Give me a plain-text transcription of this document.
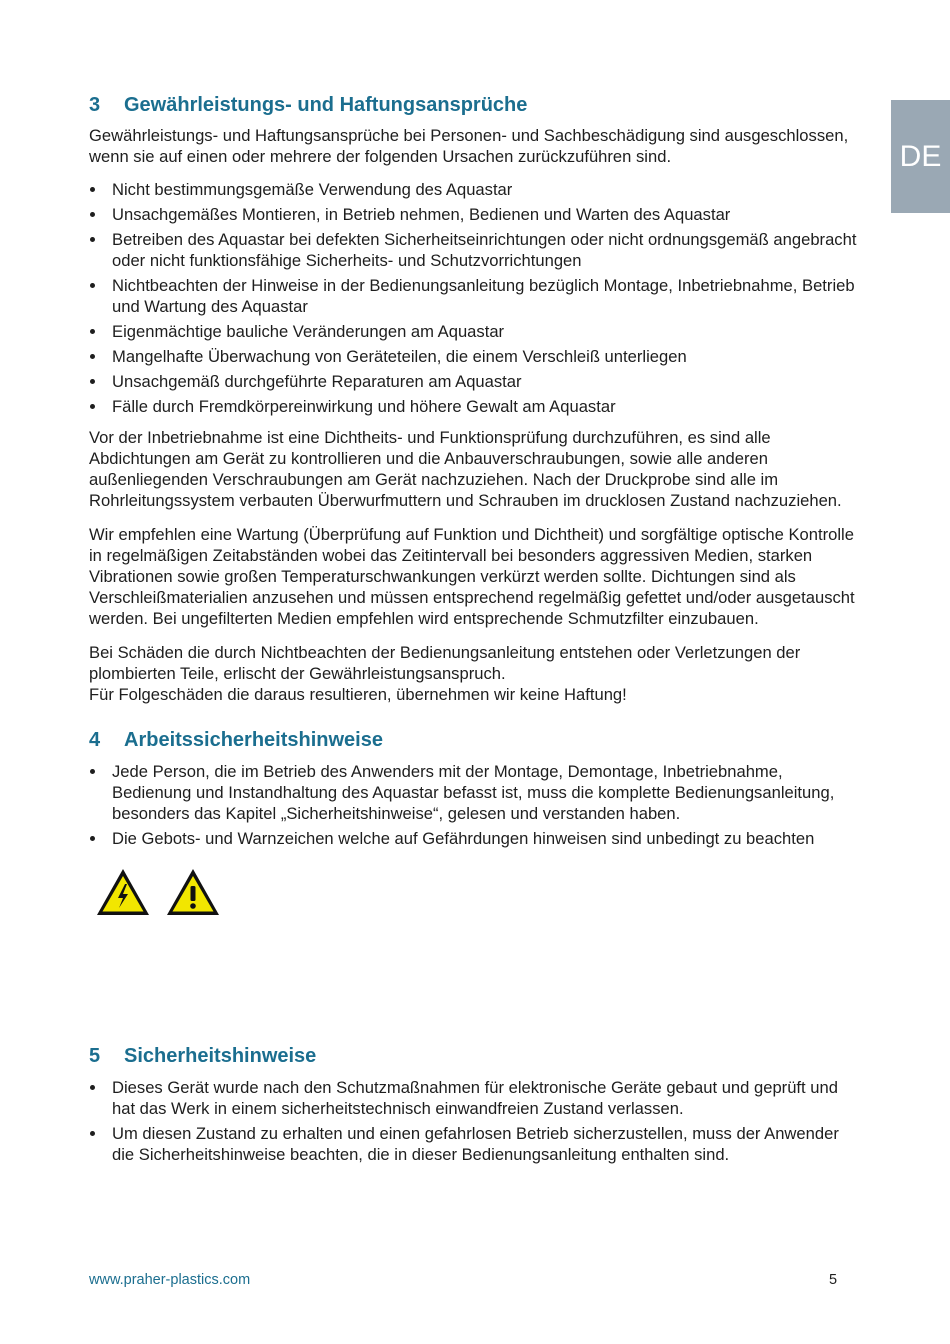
DE
3	Gewährleistungs- und Haftungsansprüche

Gewährleistungs- und Haftungsansprüche bei Personen- und Sachbeschädigung sind ausgeschlossen, wenn sie auf einen oder mehrere der folgenden Ursachen zurückzuführen sind.

Nicht bestimmungsgemäße Verwendung des Aquastar
Unsachgemäßes Montieren, in Betrieb nehmen, Bedienen und Warten des Aquastar
Betreiben des Aquastar bei defekten Sicherheitseinrichtungen oder nicht ordnungsgemäß angebracht oder nicht funktionsfähige Sicherheits- und Schutzvorrichtungen
Nichtbeachten der Hinweise in der Bedienungsanleitung bezüglich Montage, Inbetriebnahme, Betrieb und Wartung des Aquastar
Eigenmächtige bauliche Veränderungen am Aquastar
Mangelhafte Überwachung von Geräteteilen, die einem Verschleiß unterliegen
Unsachgemäß durchgeführte Reparaturen am Aquastar
Fälle durch Fremdkörpereinwirkung und höhere Gewalt am Aquastar

Vor der Inbetriebnahme ist eine Dichtheits- und Funktionsprüfung durchzuführen, es sind alle Abdichtungen am Gerät zu kontrollieren und die Anbauverschraubungen, sowie alle anderen außenliegenden Verschraubungen am Gerät nachzuziehen. Nach der Druckprobe sind alle im Rohrleitungssystem verbauten Überwurfmuttern und Schrauben im drucklosen Zustand nachzuziehen.

Wir empfehlen eine Wartung (Überprüfung auf Funktion und Dichtheit) und sorgfältige optische Kontrolle in regelmäßigen Zeitabständen wobei das Zeitintervall bei besonders aggressiven Medien, starken Vibrationen sowie großen Temperaturschwankungen verkürzt werden sollte. Dichtungen sind als Verschleißmaterialien anzusehen und müssen entsprechend regelmäßig gefettet und/oder ausgetauscht werden. Bei ungefilterten Medien empfehlen wird entsprechende Schmutzfilter einzubauen.

Bei Schäden die durch Nichtbeachten der Bedienungsanleitung entstehen oder Verletzungen der plombierten Teile, erlischt der Gewährleistungsanspruch.

Für Folgeschäden die daraus resultieren, übernehmen wir keine Haftung!

4	Arbeitssicherheitshinweise
Jede Person, die im Betrieb des Anwenders mit der Montage, Demontage, Inbetriebnahme, Bedienung und Instandhaltung des Aquastar befasst ist, muss die komplette Bedienungsanleitung, besonders das Kapitel „Sicherheitshinweise“, gelesen und verstanden haben.
Die Gebots- und Warnzeichen welche auf Gefährdungen hinweisen sind unbedingt zu beachten
5	Sicherheitshinweise
Dieses Gerät wurde nach den Schutzmaßnahmen für elektronische Geräte gebaut und geprüft und hat das Werk in einem sicherheitstechnisch einwandfreien Zustand verlassen.
Um diesen Zustand zu erhalten und einen gefahrlosen Betrieb sicherzustellen, muss der Anwender die Sicherheitshinweise beachten, die in dieser Bedienungsanleitung enthalten sind.
www.praher-plastics.com	5
